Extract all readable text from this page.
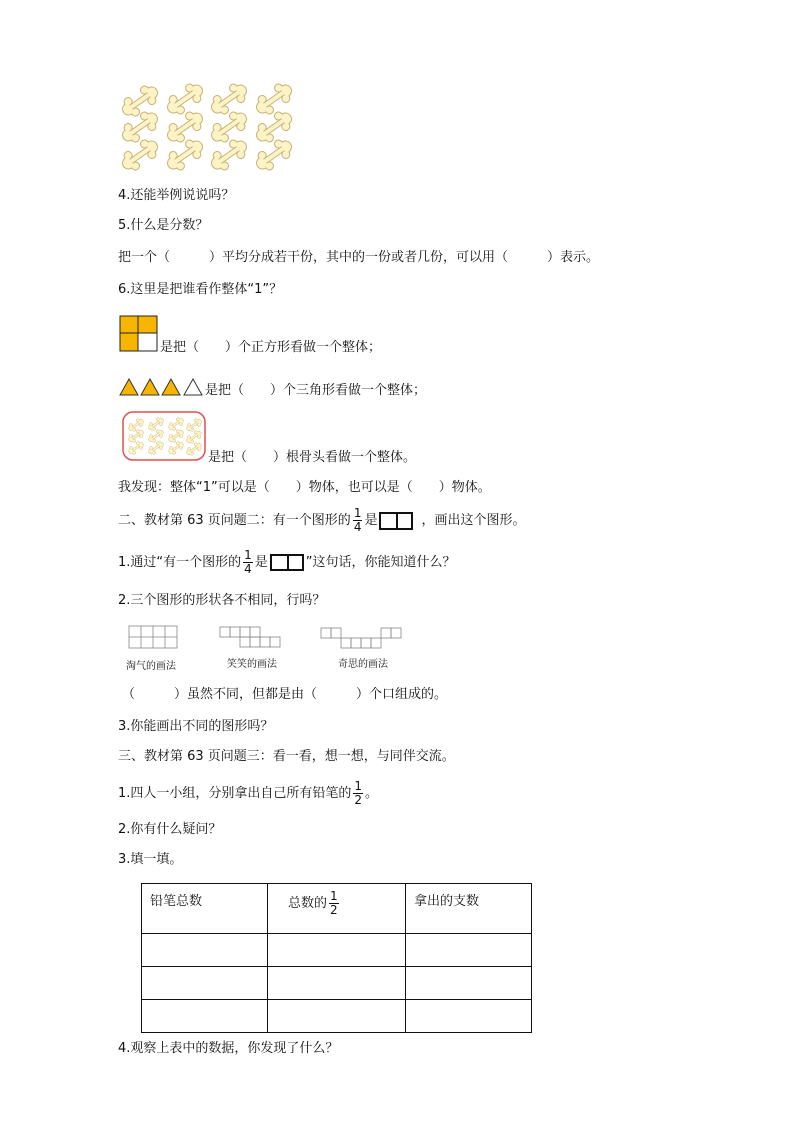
4.还能举例说说吗？
5.什么是分数？
把一个（　　　）平均分成若干份，其中的一份或者几份，可以用（　　　）表示。
6.这里是把谁看作整体“1”？
是把（　　）个正方形看做一个整体；
是把（　　）个三角形看做一个整体；
是把（　　）根骨头看做一个整体。
我发现：整体“1”可以是（　　）物体，也可以是（　　）物体。
二、教材第 63 页问题二：有一个图形的 $\frac{1}{4}$ 是	，画出这个图形。
1.通过“有一个图形的 $\frac{1}{4}$ 是	”这句话，你能知道什么？
2.三个图形的形状各不相同，行吗？
淘气的画法	笑笑的画法	奇思的画法
（　　　）虽然不同，但都是由（　　　）个口组成的。
3.你能画出不同的图形吗？
三、教材第 63 页问题三：看一看，想一想，与同伴交流。
1.四人一小组，分别拿出自己所有铅笔的 $\frac{1}{2}$ 。
2.你有什么疑问？
3.填一填。
铅笔总数	总数的 $\frac{1}{2}$	拿出的支数

4.观察上表中的数据，你发现了什么？
